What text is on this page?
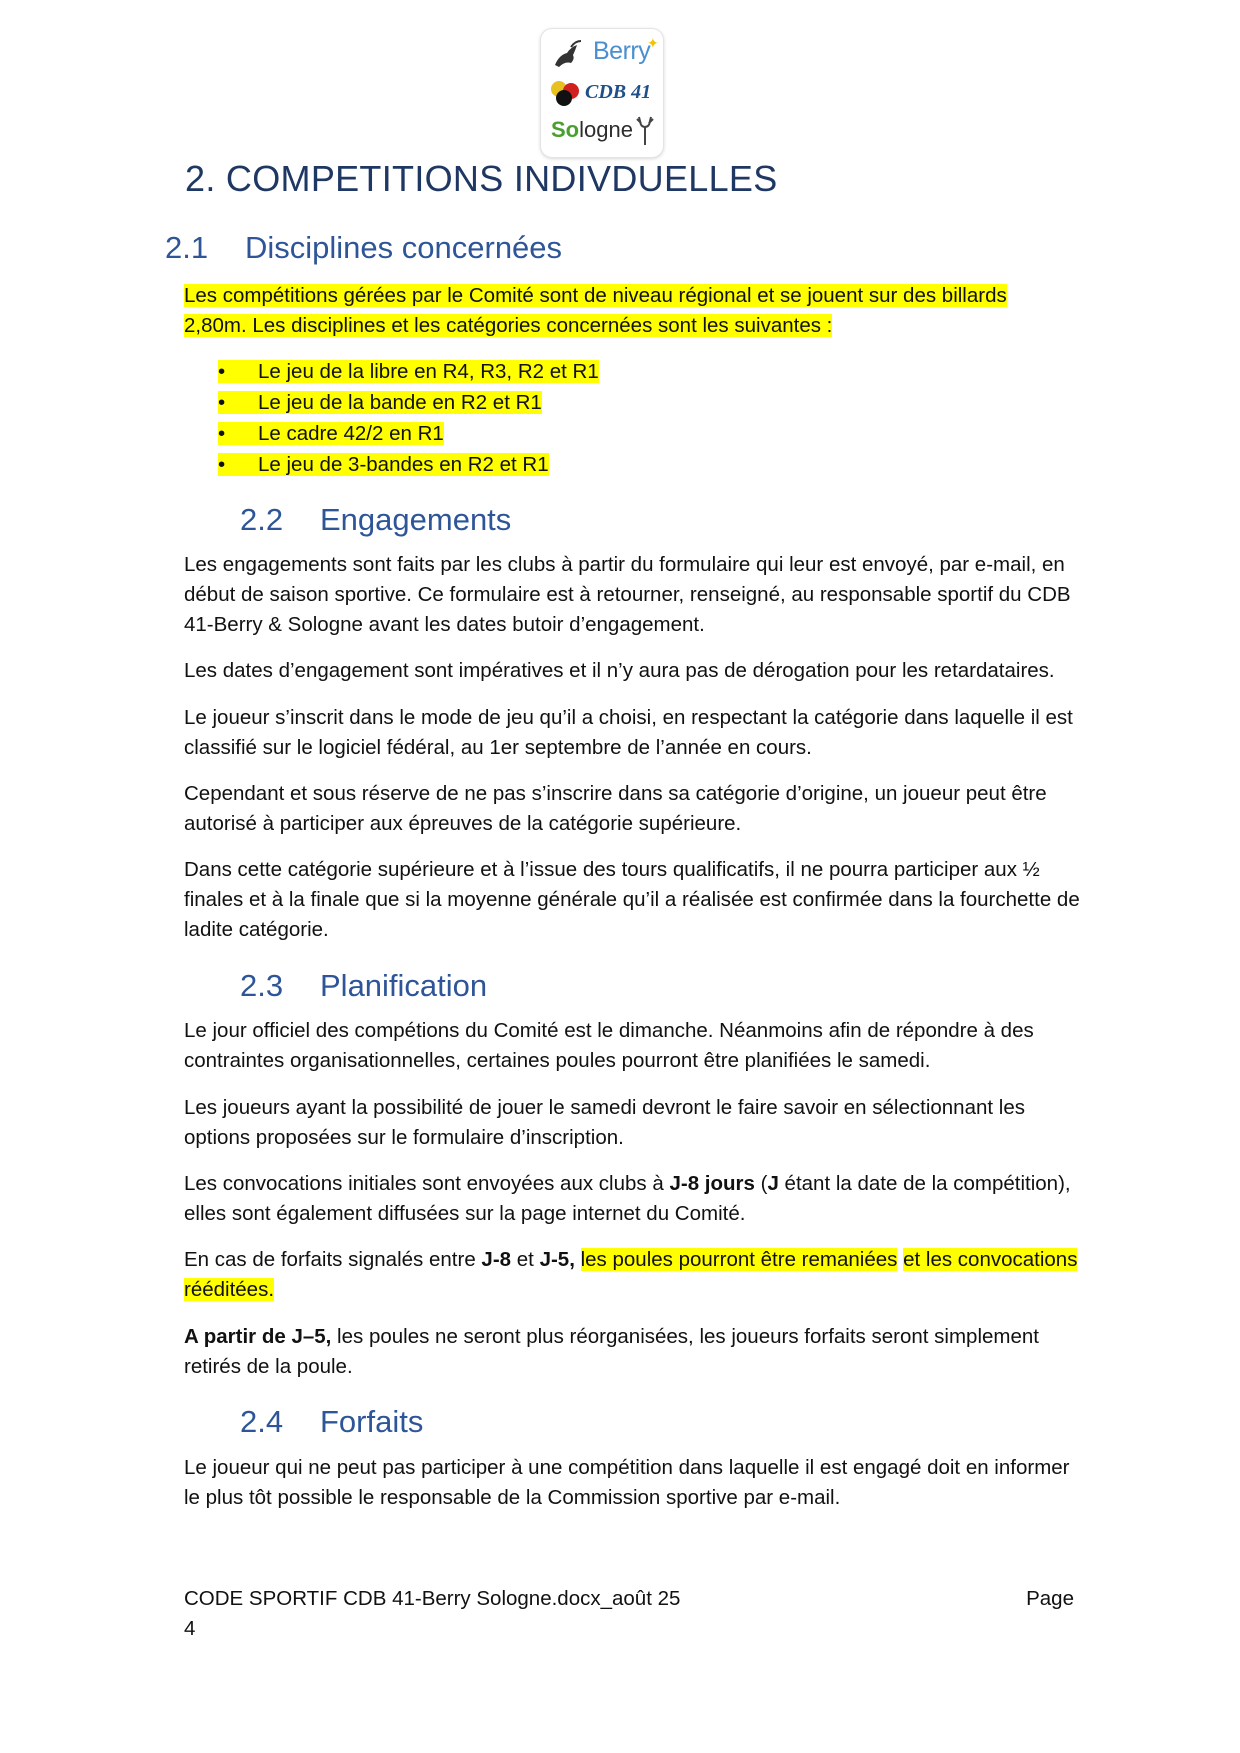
✦
Berry
CDB 41
Sologne
2. COMPETITIONS INDIVDUELLES
2.1 Disciplines concernées
Les compétitions gérées par le Comité sont de niveau régional et se jouent sur des billards
2,80m. Les disciplines et les catégories concernées sont les suivantes :
• Le jeu de la libre en R4, R3, R2 et R1
• Le jeu de la bande en R2 et R1
• Le cadre 42/2 en R1
• Le jeu de 3-bandes en R2 et R1
2.2 Engagements

Les engagements sont faits par les clubs à partir du formulaire qui leur est envoyé, par e-mail, en début de saison sportive. Ce formulaire est à retourner, renseigné, au responsable sportif du CDB 41-Berry & Sologne avant les dates butoir d’engagement.

Les dates d’engagement sont impératives et il n’y aura pas de dérogation pour les retardataires.

Le joueur s’inscrit dans le mode de jeu qu’il a choisi, en respectant la catégorie dans laquelle il est classifié sur le logiciel fédéral, au 1er septembre de l’année en cours.

Cependant et sous réserve de ne pas s’inscrire dans sa catégorie d’origine, un joueur peut être autorisé à participer aux épreuves de la catégorie supérieure.

Dans cette catégorie supérieure et à l’issue des tours qualificatifs, il ne pourra participer aux ½ finales et à la finale que si la moyenne générale qu’il a réalisée est confirmée dans la fourchette de ladite catégorie.

2.3 Planification

Le jour officiel des compétions du Comité est le dimanche. Néanmoins afin de répondre à des contraintes organisationnelles, certaines poules pourront être planifiées le samedi.

Les joueurs ayant la possibilité de jouer le samedi devront le faire savoir en sélectionnant les options proposées sur le formulaire d’inscription.

Les convocations initiales sont envoyées aux clubs à J-8 jours (J étant la date de la compétition), elles sont également diffusées sur la page internet du Comité.

En cas de forfaits signalés entre J-8 et J-5, les poules pourront être remaniées et les convocations rééditées.

A partir de J–5, les poules ne seront plus réorganisées, les joueurs forfaits seront simplement retirés de la poule.

2.4 Forfaits

Le joueur qui ne peut pas participer à une compétition dans laquelle il est engagé doit en informer le plus tôt possible le responsable de la Commission sportive par e-mail.

CODE SPORTIF CDB 41-Berry Sologne.docx_août 25	Page

4
